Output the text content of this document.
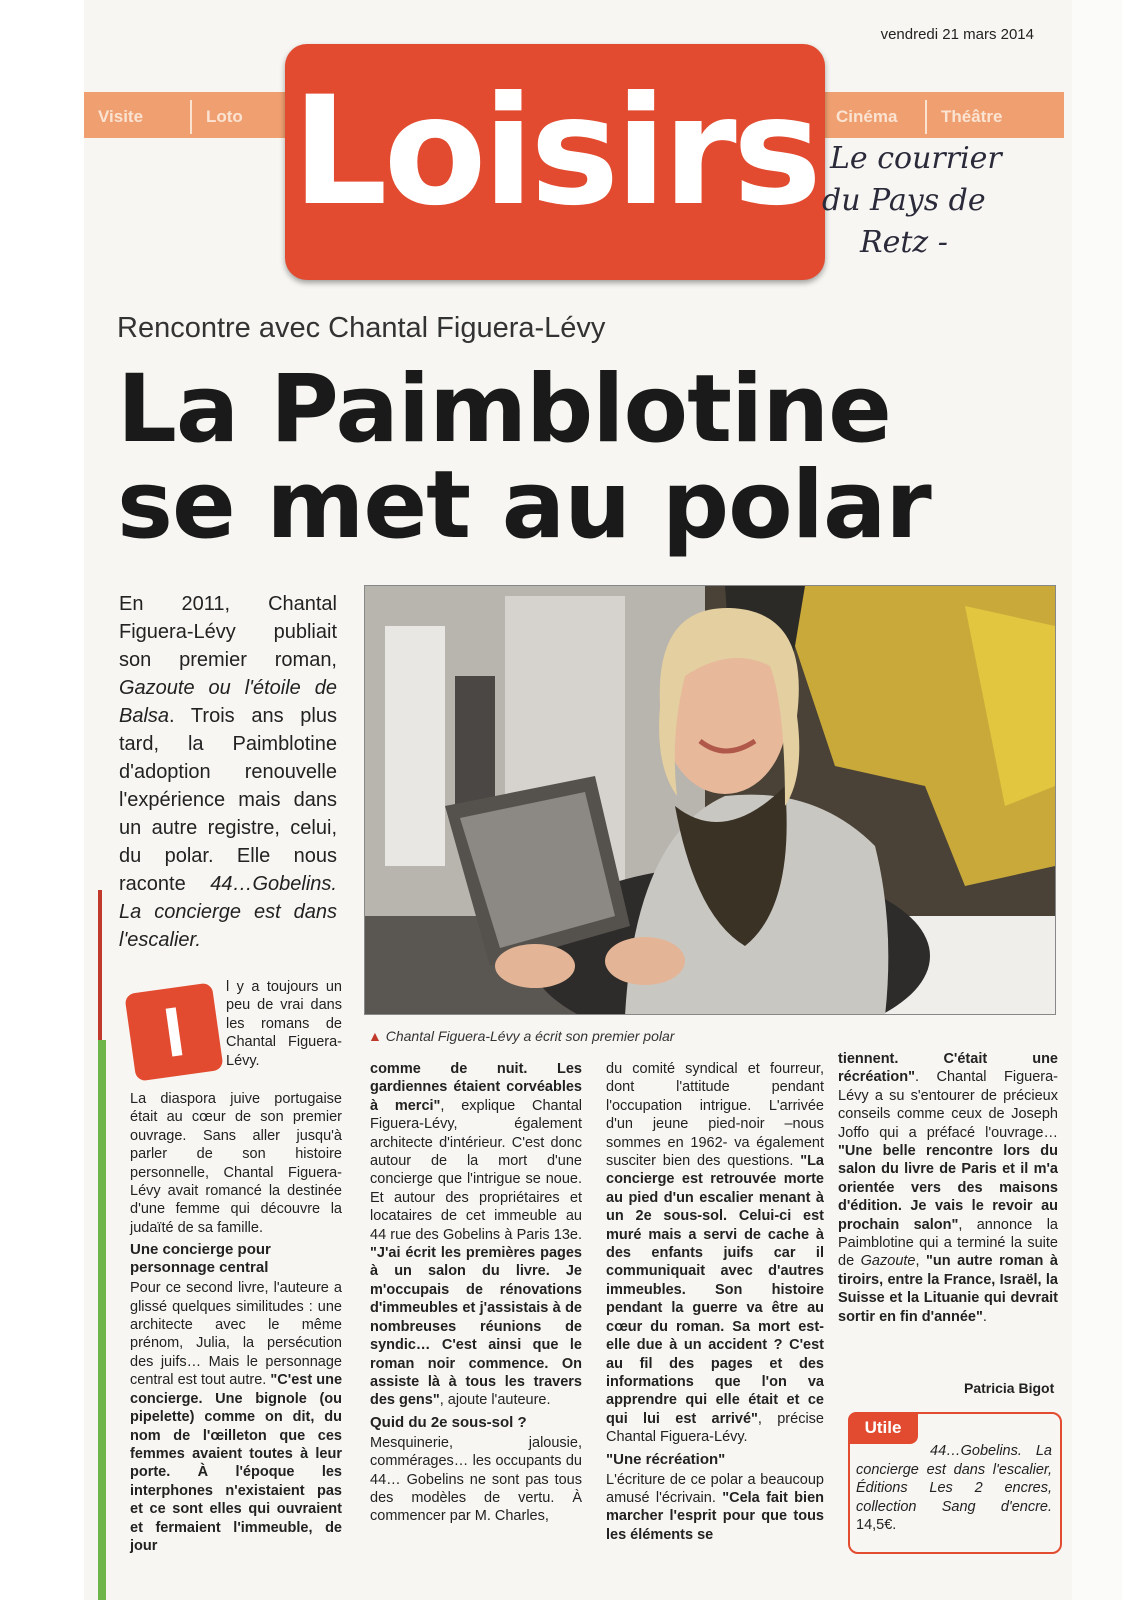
vendredi 21 mars 2014
Visite	Loto	Cinéma	Théâtre
Loisirs Le courrier
du Pays de
Retz -
Rencontre avec Chantal Figuera-Lévy
La Paimblotine
se met au polar
En 2011, Chantal Figuera-Lévy publiait son premier roman, Gazoute ou l'étoile de Balsa. Trois ans plus tard, la Paimblotine d'adoption renouvelle l'expérience mais dans un autre registre, celui, du polar. Elle nous raconte 44…Gobelins. La concierge est dans l'escalier.
▲ Chantal Figuera-Lévy a écrit son premier polar
I

l y a toujours un peu de vrai dans les romans de Chantal Figuera-Lévy.

La diaspora juive portugaise était au cœur de son premier ouvrage. Sans aller jusqu'à parler de son histoire personnelle, Chantal Figuera-Lévy avait romancé la destinée d'une femme qui découvre la judaïté de sa famille.

Une concierge pour personnage central

Pour ce second livre, l'auteure a glissé quelques similitudes : une architecte avec le même prénom, Julia, la persécution des juifs… Mais le personnage central est tout autre. "C'est une concierge. Une bignole (ou pipelette) comme on dit, du nom de l'œilleton que ces femmes avaient toutes à leur porte. À l'époque les interphones n'existaient pas et ce sont elles qui ouvraient et fermaient l'immeuble, de jour

comme de nuit. Les gardiennes étaient corvéables à merci", explique Chantal Figuera-Lévy, également architecte d'intérieur. C'est donc autour de la mort d'une concierge que l'intrigue se noue. Et autour des propriétaires et locataires de cet immeuble au 44 rue des Gobelins à Paris 13e. "J'ai écrit les premières pages à un salon du livre. Je m'occupais de rénovations d'immeubles et j'assistais à de nombreuses réunions de syndic… C'est ainsi que le roman noir commence. On assiste là à tous les travers des gens", ajoute l'auteure.

Quid du 2e sous-sol ?

Mesquinerie, jalousie, commérages… les occupants du 44… Gobelins ne sont pas tous des modèles de vertu. À commencer par M. Charles,

du comité syndical et fourreur, dont l'attitude pendant l'occupation intrigue. L'arrivée d'un jeune pied-noir –nous sommes en 1962- va également susciter bien des questions. "La concierge est retrouvée morte au pied d'un escalier menant à un 2e sous-sol. Celui-ci est muré mais a servi de cache à des enfants juifs car il communiquait avec d'autres immeubles. Son histoire pendant la guerre va être au cœur du roman. Sa mort est-elle due à un accident ? C'est au fil des pages et des informations que l'on va apprendre qui elle était et ce qui lui est arrivé", précise Chantal Figuera-Lévy.

"Une récréation"

L'écriture de ce polar a beaucoup amusé l'écrivain. "Cela fait bien marcher l'esprit pour que tous les éléments se

tiennent. C'était une récréation". Chantal Figuera-Lévy a su s'entourer de précieux conseils comme ceux de Joseph Joffo qui a préfacé l'ouvrage… "Une belle rencontre lors du salon du livre de Paris et il m'a orientée vers des maisons d'édition. Je vais le revoir au prochain salon", annonce la Paimblotine qui a terminé la suite de Gazoute, "un autre roman à tiroirs, entre la France, Israël, la Suisse et la Lituanie qui devrait sortir en fin d'année".

Patricia Bigot
Utile
44…Gobelins. La concierge est dans l'escalier, Éditions Les 2 encres, collection Sang d'encre. 14,5€.
